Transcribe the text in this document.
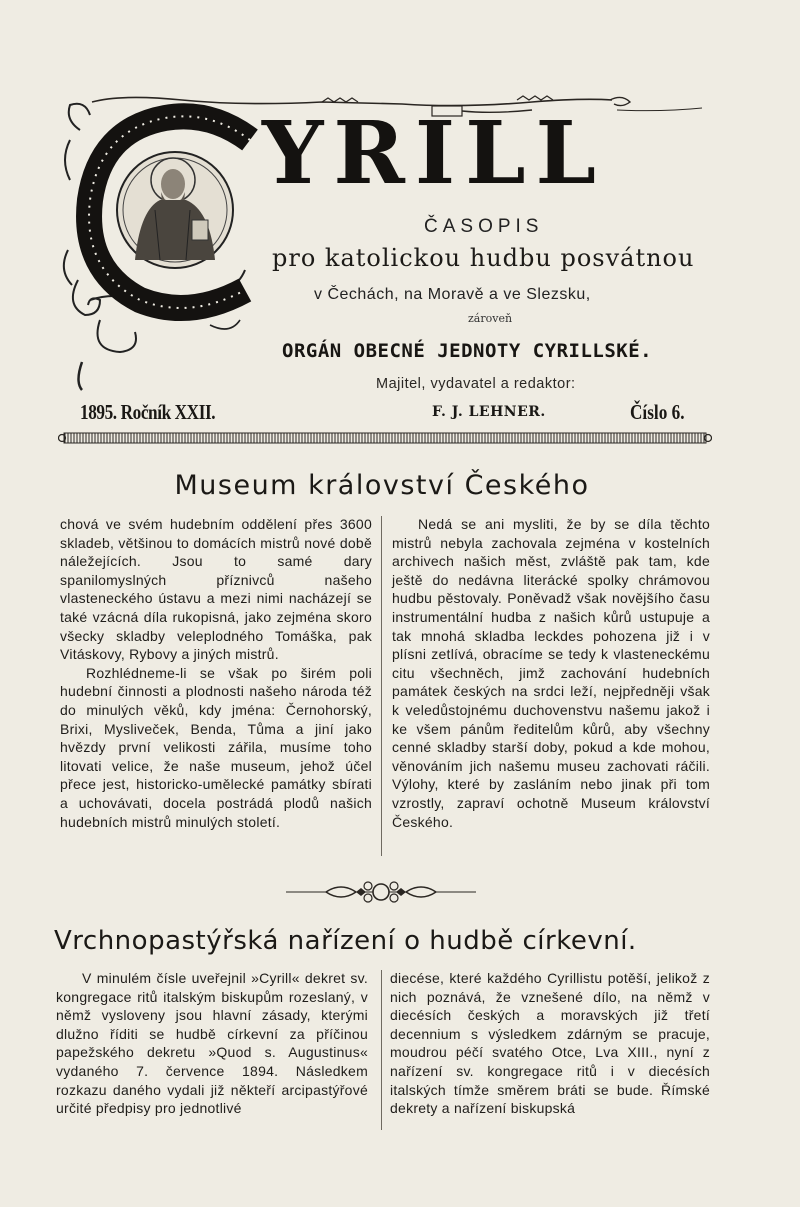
YRILL
ČASOPIS
pro katolickou hudbu posvátnou
v Čechách, na Moravě a ve Slezsku,
zároveň
ORGÁN OBECNÉ JEDNOTY CYRILLSKÉ.
Majitel, vydavatel a redaktor:
1895. Ročník XXII.	F. J. LEHNER.	Číslo 6.
Museum království Českého

chová ve svém hudebním oddělení přes 3600 skladeb, většinou to domácích mistrů nové době náležejících. Jsou to samé dary spanilomyslných příznivců našeho vlasteneckého ústavu a mezi nimi nacházejí se také vzácná díla rukopisná, jako zejména skoro všecky skladby veleplodného Tomáška, pak Vitáskovy, Rybovy a jiných mistrů.

Rozhlédneme-li se však po širém poli hudební činnosti a plodnosti našeho národa též do minulých věků, kdy jména: Černohorský, Brixi, Mysliveček, Benda, Tůma a jiní jako hvězdy první velikosti zářila, musíme toho litovati velice, že naše museum, jehož účel přece jest, historicko-umělecké památky sbírati a uchovávati, docela postrádá plodů našich hudebních mistrů minulých století.

Nedá se ani mysliti, že by se díla těchto mistrů nebyla zachovala zejména v kostelních archivech našich měst, zvláště pak tam, kde ještě do nedávna literácké spolky chrámovou hudbu pěstovaly. Poněvadž však novějšího času instrumentální hudba z našich kůrů ustupuje a tak mnohá skladba leckdes pohozena již i v plísni zetlívá, obracíme se tedy k vlasteneckému citu všechněch, jimž zachování hudebních památek českých na srdci leží, nejpředněji však k veledůstojnému duchovenstvu našemu jakož i ke všem pánům ředitelům kůrů, aby všechny cenné skladby starší doby, pokud a kde mohou, věnováním jich našemu museu zachovati ráčili. Výlohy, které by zasláním nebo jinak při tom vzrostly, zapraví ochotně Museum království Českého.

Vrchnopastýřská nařízení o hudbě církevní.

V minulém čísle uveřejnil »Cyrill« dekret sv. kongregace ritů italským biskupům rozeslaný, v němž vysloveny jsou hlavní zásady, kterými dlužno říditi se hudbě církevní za příčinou papežského dekretu »Quod s. Augustinus« vydaného 7. července 1894. Následkem rozkazu daného vydali již někteří arcipastýřové určité předpisy pro jednotlivé

diecése, které každého Cyrillistu potěší, jelikož z nich poznává, že vznešené dílo, na němž v diecésích českých a moravských již třetí decennium s výsledkem zdárným se pracuje, moudrou péčí svatého Otce, Lva XIII., nyní z nařízení sv. kongregace ritů i v diecésích italských tímže směrem bráti se bude. Římské dekrety a nařízení biskupská
